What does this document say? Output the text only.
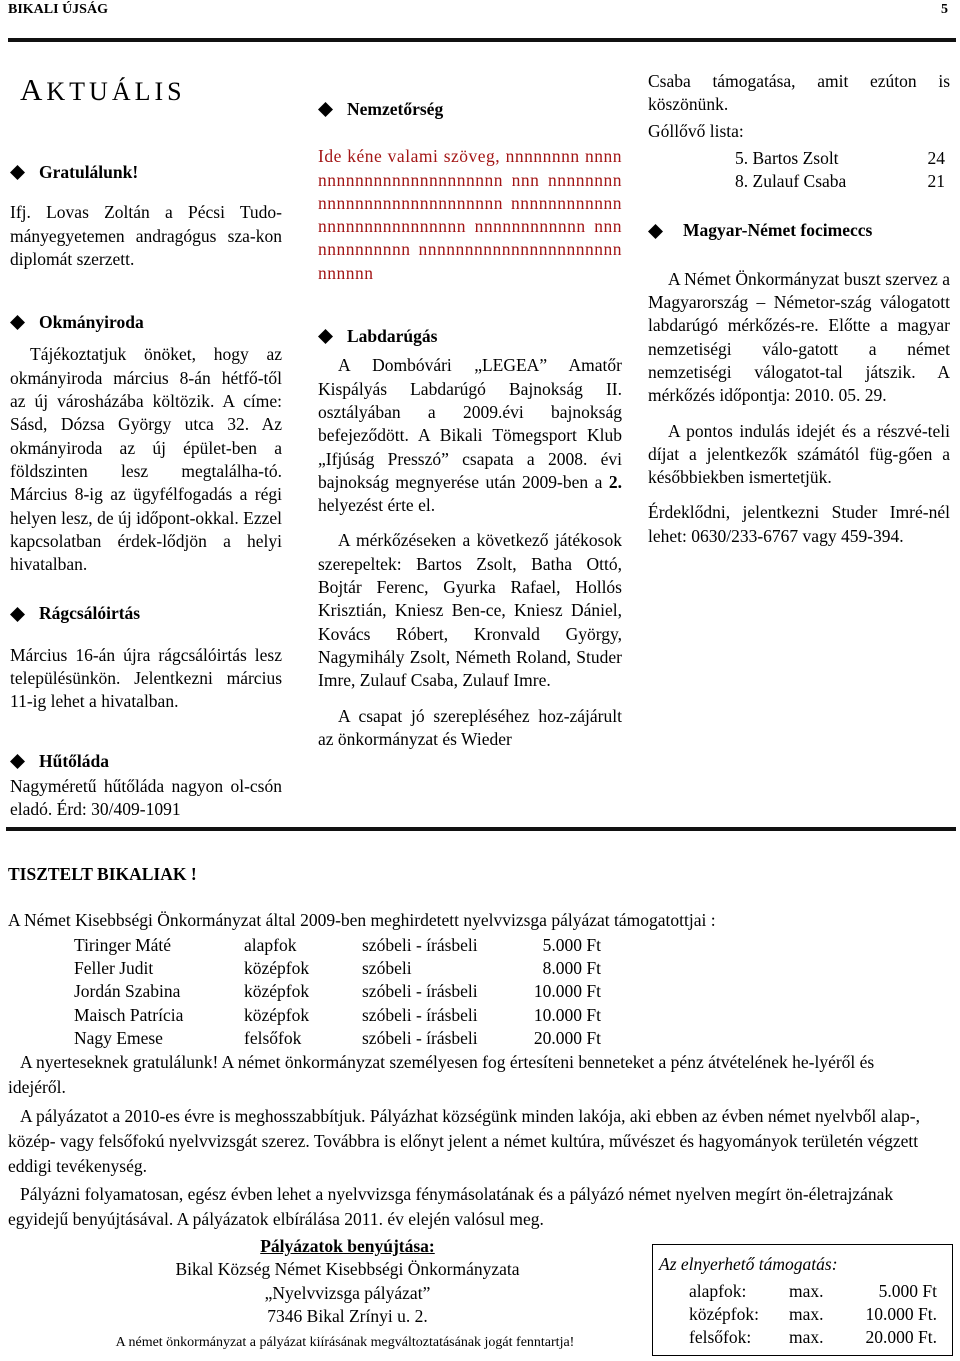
BIKALI ÚJSÁG	5
AKTUÁLIS
Gratulálunk!

Ifj. Lovas Zoltán a Pécsi Tudo-mányegyetemen andragógus sza-kon diplomát szerzett.

Okmányiroda

Tájékoztatjuk önöket, hogy az okmányiroda március 8-án hétfő-től az új városházába költözik. A címe: Sásd, Dózsa György utca 32. Az okmányiroda az új épület-ben a földszinten lesz megtalálha-tó. Március 8-ig az ügyfélfogadás a régi helyen lesz, de új időpont-okkal. Ezzel kapcsolatban érdek-lődjön a helyi hivatalban.

Rágcsálóirtás

Március 16-án újra rágcsálóirtás lesz településünkön. Jelentkezni március 11-ig lehet a hivatalban.

Hűtőláda

Nagyméretű hűtőláda nagyon ol-csón eladó. Érd: 30/409-1091

Nemzetőrség

Ide kéne valami szöveg, nnnnnnnn nnnnnnnnnnnnnnnnnnnnnnnn nnn nnnnnnnnnnnnnnnnnnnnnnnnnnnn nnnnnnnnnnnnnnnnnnnnnnnnnnnn nnnnnnnnnnnn nnnnnnnnnnnnn nnnnnnnnnnnnnnnnnnnnnnnnnnnn

Labdarúgás

A Dombóvári „LEGEA” Amatőr Kispályás Labdarúgó Bajnokság II. osztályában a 2009.évi bajnokság befejeződött. A Bikali Tömegsport Klub „Ifjúság Presszó” csapata a 2008. évi bajnokság megnyerése után 2009-ben a 2. helyezést érte el.

A mérkőzéseken a következő játékosok szerepeltek: Bartos Zsolt, Batha Ottó, Bojtár Ferenc, Gyurka Rafael, Hollós Krisztián, Kniesz Ben-ce, Kniesz Dániel, Kovács Róbert, Kronvald György, Nagymihály Zsolt, Németh Roland, Studer Imre, Zulauf Csaba, Zulauf Imre.

A csapat jó szerepléséhez hoz-zájárult az önkormányzat és Wieder

Csaba támogatása, amit ezúton is köszönünk.

Góllővő lista:

5. Bartos Zsolt	24
8. Zulauf Csaba	21
Magyar-Német focimeccs

A Német Önkormányzat buszt szervez a Magyarország – Németor-szág válogatott labdarúgó mérkőzés-re. Előtte a magyar nemzetiségi válo-gatott a német nemzetiségi válogatot-tal játszik. A mérkőzés időpontja: 2010. 05. 29.

A pontos indulás idejét és a részvé-teli díjat a jelentkezők számától füg-gően a későbbiekben ismertetjük.

Érdeklődni, jelentkezni Studer Imré-nél lehet: 0630/233-6767 vagy 459-394.

TISZTELT BIKALIAK !
A Német Kisebbségi Önkormányzat által 2009-ben meghirdetett nyelvvizsga pályázat támogatottjai :
Tiringer Máté	alapfok	szóbeli - írásbeli	5.000 Ft
Feller Judit	középfok	szóbeli	8.000 Ft
Jordán Szabina	középfok	szóbeli - írásbeli	10.000 Ft
Maisch Patrícia	középfok	szóbeli - írásbeli	10.000 Ft
Nagy Emese	felsőfok	szóbeli - írásbeli	20.000 Ft

A nyerteseknek gratulálunk! A német önkormányzat személyesen fog értesíteni benneteket a pénz átvételének he-lyéről és idejéről.

A pályázatot a 2010-es évre is meghosszabbítjuk. Pályázhat községünk minden lakója, aki ebben az évben német nyelvből alap-, közép- vagy felsőfokú nyelvvizsgát szerez. Továbbra is előnyt jelent a német kultúra, művészet és hagyományok területén végzett eddigi tevékenység.

Pályázni folyamatosan, egész évben lehet a nyelvvizsga fénymásolatának és a pályázó német nyelven megírt ön-életrajzának egyidejű benyújtásával. A pályázatok elbírálása 2011. év elején valósul meg.

Pályázatok benyújtása:
Bikal Község Német Kisebbségi Önkormányzata
„Nyelvvizsga pályázat”
7346 Bikal Zrínyi u. 2.
A német önkormányzat a pályázat kiírásának megváltoztatásának jogát fenntartja!
Az elnyerhető támogatás:
alapfok:	max.	5.000 Ft
középfok:	max.	10.000 Ft.
felsőfok:	max.	20.000 Ft.
